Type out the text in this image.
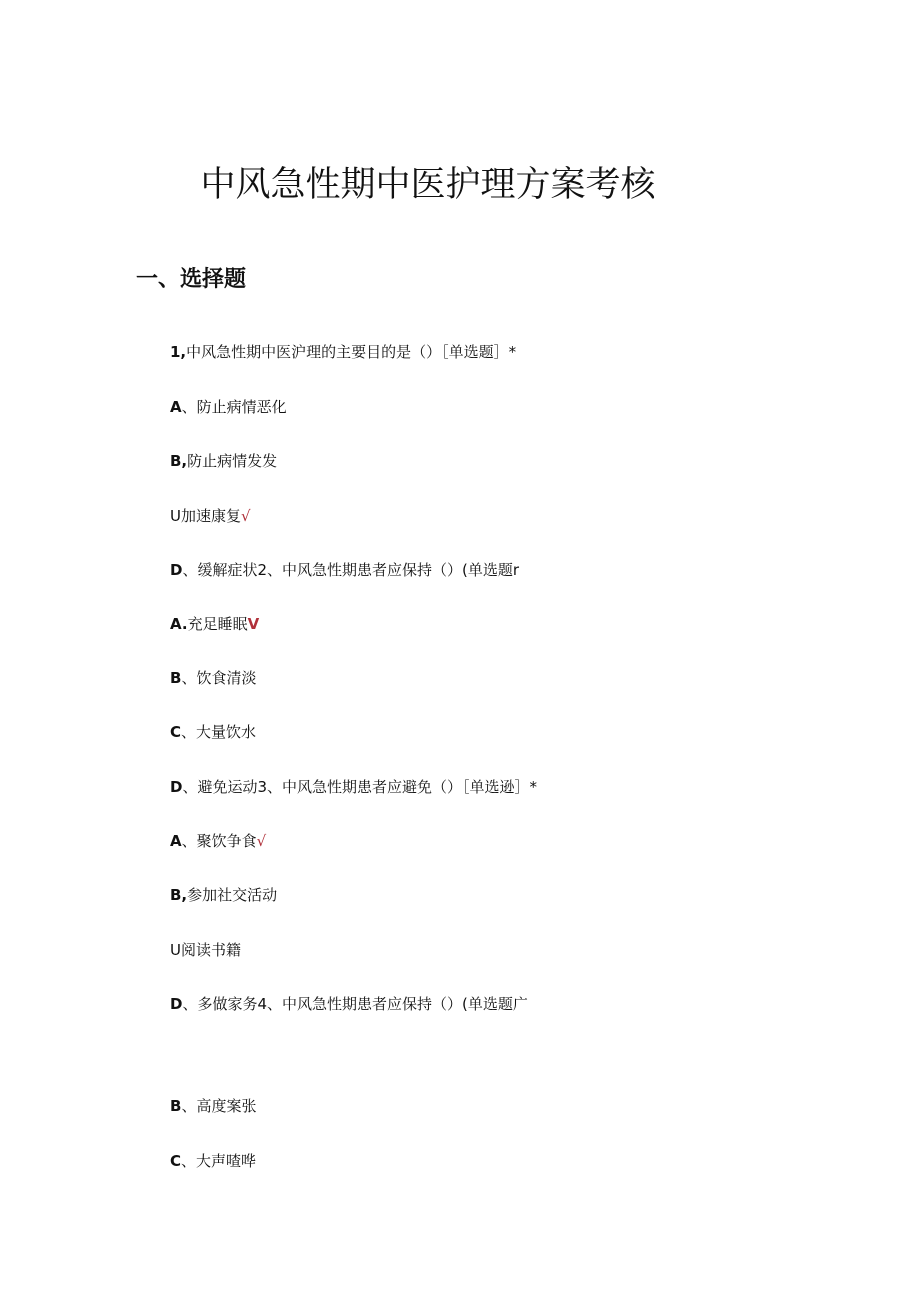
中风急性期中医护理方案考核
一、选择题
1,中风急性期中医沪理的主要目的是（）［单选题］*
A、防止病情恶化
B,防止病情发发
U加速康复√
D、缓解症状2、中风急性期患者应保持（）(单选题r
A.充足睡眠V
B、饮食清淡
C、大量饮水
D、避免运动3、中风急性期患者应避免（）［单选逊］*
A、聚饮争食√
B,参加社交活动
U阅读书籍
D、多做家务4、中风急性期患者应保持（）(单选题广
B、高度案张
C、大声喳哗
